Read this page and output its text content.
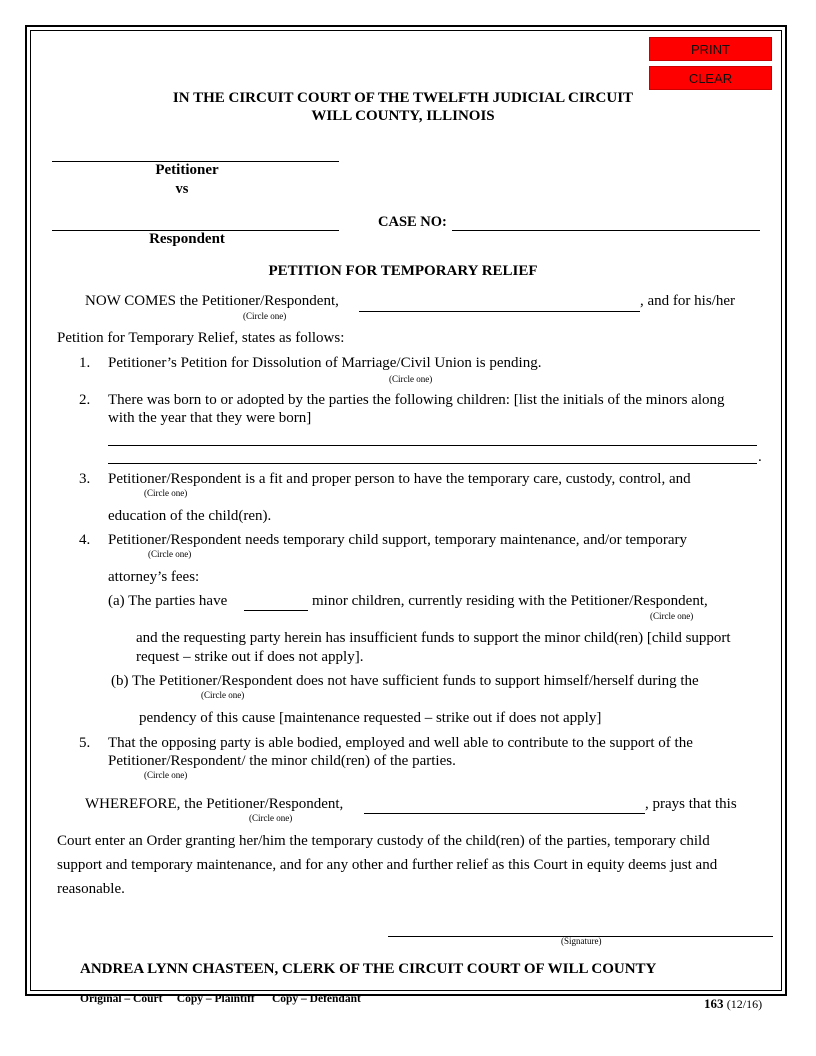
PRINT
CLEAR
IN THE CIRCUIT COURT OF THE TWELFTH JUDICIAL CIRCUIT
WILL COUNTY, ILLINOIS
Petitioner
vs
Respondent
CASE NO:
PETITION FOR TEMPORARY RELIEF
NOW COMES the Petitioner/Respondent,	, and for his/her
(Circle one)
Petition for Temporary Relief, states as follows:
1. Petitioner’s Petition for Dissolution of Marriage/Civil Union is pending.
(Circle one)
2. There was born to or adopted by the parties the following children: [list the initials of the minors along
with the year that they were born]
.
3. Petitioner/Respondent is a fit and proper person to have the temporary care, custody, control, and
(Circle one)
education of the child(ren).
4. Petitioner/Respondent needs temporary child support, temporary maintenance, and/or temporary
(Circle one)
attorney’s fees:
(a) The parties have	minor children, currently residing with the Petitioner/Respondent,
(Circle one)
and the requesting party herein has insufficient funds to support the minor child(ren) [child support
request – strike out if does not apply].
(b) The Petitioner/Respondent does not have sufficient funds to support himself/herself during the
(Circle one)
pendency of this cause [maintenance requested – strike out if does not apply]
5. That the opposing party is able bodied, employed and well able to contribute to the support of the
Petitioner/Respondent/ the minor child(ren) of the parties.
(Circle one)
WHEREFORE, the Petitioner/Respondent,	, prays that this
(Circle one)
Court enter an Order granting her/him the temporary custody of the child(ren) of the parties, temporary child
support and temporary maintenance, and for any other and further relief as this Court in equity deems just and
reasonable.
(Signature)
ANDREA LYNN CHASTEEN, CLERK OF THE CIRCUIT COURT OF WILL COUNTY
Original – Court     Copy – Plaintiff      Copy – Defendant	163 (12/16)
